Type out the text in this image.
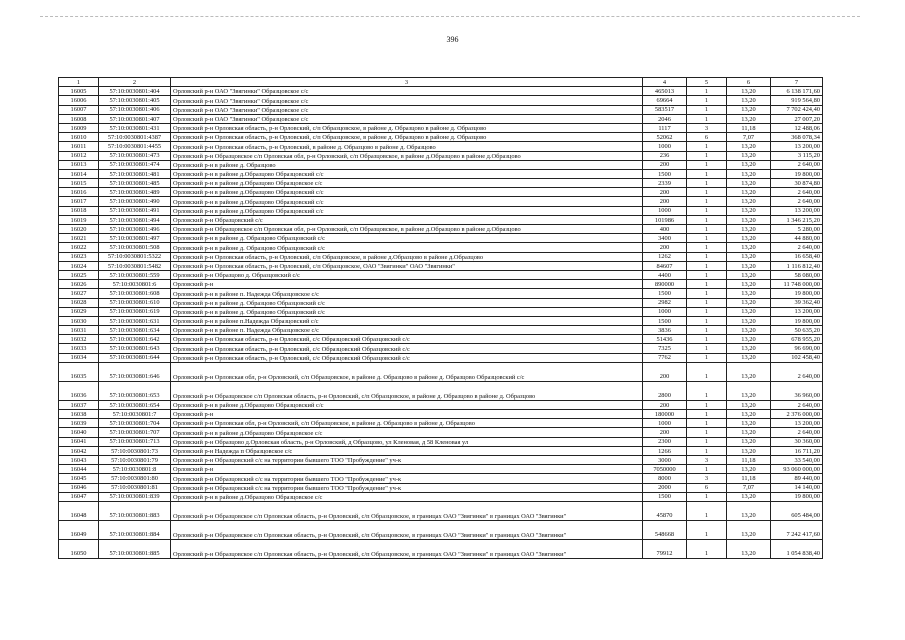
396
1	2	3	4	5	6	7
16005	57:10:0030801:404	Орловский р-н ОАО "Звягинки" Образцовское с/с	465013	1	13,20	6 138 171,60
16006	57:10:0030801:405	Орловский р-н ОАО "Звягинки" Образцовское с/с	69664	1	13,20	919 564,80
16007	57:10:0030801:406	Орловский р-н ОАО "Звягинки" Образцовское с/с	583517	1	13,20	7 702 424,40
16008	57:10:0030801:407	Орловский р-н ОАО "Звягинки" Образцовское с/с	2046	1	13,20	27 007,20
16009	57:10:0030801:431	Орловский р-н Орловская область, р-н Орловский, с/п Образцовское, в районе д. Образцово в районе д. Образцово	1117	3	11,18	12 488,06
16010	57:10:0030801:4387	Орловский р-н Орловская область, р-н Орловский, с/п Образцовское, в районе д. Образцово в районе д. Образцово	52062	6	7,07	368 078,34
16011	57:10:0030801:4455	Орловский р-н Орловская область, р-н Орловский, в районе д. Образцово в районе д. Образцово	1000	1	13,20	13 200,00
16012	57:10:0030801:473	Орловский р-н Образцовское с/п Орловская обл, р-н Орловский, с/п Образцовское, в районе д.Образцово в районе д.Образцово	236	1	13,20	3 115,20
16013	57:10:0030801:474	Орловский р-н в районе д. Образцово	200	1	13,20	2 640,00
16014	57:10:0030801:481	Орловский р-н в районе д.Образцово Образцовский с/с	1500	1	13,20	19 800,00
16015	57:10:0030801:485	Орловский р-н в районе д.Образцово Образцовское с/с	2339	1	13,20	30 874,80
16016	57:10:0030801:489	Орловский р-н в районе д.Образцово Образцовский с/с	200	1	13,20	2 640,00
16017	57:10:0030801:490	Орловский р-н в районе д.Образцово Образцовский с/с	200	1	13,20	2 640,00
16018	57:10:0030801:491	Орловский р-н в районе д.Образцово Образцовский с/с	1000	1	13,20	13 200,00
16019	57:10:0030801:494	Орловский р-н Образцовский с/с	101986	1	13,20	1 346 215,20
16020	57:10:0030801:496	Орловский р-н Образцовское с/п Орловская обл, р-н Орловский, с/п Образцовское, в районе д.Образцово в районе д.Образцово	400	1	13,20	5 280,00
16021	57:10:0030801:497	Орловский р-н в районе д. Образцово Образцовский с/с	3400	1	13,20	44 880,00
16022	57:10:0030801:508	Орловский р-н в районе д. Образцово Образцовский с/с	200	1	13,20	2 640,00
16023	57:10:0030801:5322	Орловский р-н Орловская область, р-н Орловский, с/п Образцовское, в районе д.Образцово в районе д.Образцово	1262	1	13,20	16 658,40
16024	57:10:0030801:5482	Орловский р-н Орловская область, р-н Орловский, с/п Образцовское, ОАО "Звягинки" ОАО "Звягинки"	84607	1	13,20	1 116 812,40
16025	57:10:0030801:559	Орловский р-н Образцово д. Образцовский с/с	4400	1	13,20	58 080,00
16026	57:10:0030801:6	Орловский р-н	890000	1	13,20	11 748 000,00
16027	57:10:0030801:608	Орловский р-н в районе п. Надежда Образцовское с/с	1500	1	13,20	19 800,00
16028	57:10:0030801:610	Орловский р-н в районе д. Образцово Образцовский с/с	2982	1	13,20	39 362,40
16029	57:10:0030801:619	Орловский р-н в районе д. Образцово Образцовский с/с	1000	1	13,20	13 200,00
16030	57:10:0030801:631	Орловский р-н в районе п.Надежда Образцовский с/с	1500	1	13,20	19 800,00
16031	57:10:0030801:634	Орловский р-н в районе п. Надежда Образцовское с/с	3836	1	13,20	50 635,20
16032	57:10:0030801:642	Орловский р-н Орловская область, р-н Орловский, с/с Образцовский Образцовский с/с	51436	1	13,20	678 955,20
16033	57:10:0030801:643	Орловский р-н Орловская область, р-н Орловский, с/с Образцовский Образцовский с/с	7325	1	13,20	96 690,00
16034	57:10:0030801:644	Орловский р-н Орловская область, р-н Орловский, с/с Образцовский Образцовский с/с	7762	1	13,20	102 458,40
16035	57:10:0030801:646	Орловский р-н Орловская обл, р-н Орловский, с/п Образцовское, в районе д. Образцово в районе д. Образцово Образцовский с/с	200	1	13,20	2 640,00
16036	57:10:0030801:653	Орловский р-н Образцовское с/п Орловская область, р-н Орловский, с/п Образцовское, в районе д. Образцово в районе д. Образцово	2800	1	13,20	36 960,00
16037	57:10:0030801:654	Орловский р-н в районе д.Образцово Образцовский с/с	200	1	13,20	2 640,00
16038	57:10:0030801:7	Орловский р-н	180000	1	13,20	2 376 000,00
16039	57:10:0030801:704	Орловский р-н Орловская обл, р-н Орловский, с/п Образцовское, в районе д. Образцово в районе д. Образцово	1000	1	13,20	13 200,00
16040	57:10:0030801:707	Орловский р-н в районе д.Образцово Образцовское с/с	200	1	13,20	2 640,00
16041	57:10:0030801:713	Орловский р-н Образцово д.Орловская область, р-н Орловский, д Образцово, ул Кленовая, д 58 Кленовая ул	2300	1	13,20	30 360,00
16042	57:10:0030801:73	Орловский р-н Надежда п Образцовское с/с	1266	1	13,20	16 711,20
16043	57:10:0030801:79	Орловский р-н Образцовский с/с на территории бывшего ТОО "Пробуждение" уч-к	3000	3	11,18	33 540,00
16044	57:10:0030801:8	Орловский р-н	7050000	1	13,20	93 060 000,00
16045	57:10:0030801:80	Орловский р-н Образцовский с/с на территории бывшего ТОО "Пробуждение" уч-к	8000	3	11,18	89 440,00
16046	57:10:0030801:81	Орловский р-н Образцовский с/с на территории бывшего ТОО "Пробуждение" уч-к	2000	6	7,07	14 140,00
16047	57:10:0030801:839	Орловский р-н в районе д.Образцово Образцовское с/с	1500	1	13,20	19 800,00
16048	57:10:0030801:883	Орловский р-н Образцовское с/п Орловская область, р-н Орловский, с/п Образцовское, в границах ОАО "Звягинки" в границах ОАО "Звягинки"	45870	1	13,20	605 484,00
16049	57:10:0030801:884	Орловский р-н Образцовское с/п Орловская область, р-н Орловский, с/п Образцовское, в границах ОАО "Звягинки" в границах ОАО "Звягинки"	548668	1	13,20	7 242 417,60
16050	57:10:0030801:885	Орловский р-н Образцовское с/п Орловская область, р-н Орловский, с/п Образцовское, в границах ОАО "Звягинки" в границах ОАО "Звягинки"	79912	1	13,20	1 054 838,40
